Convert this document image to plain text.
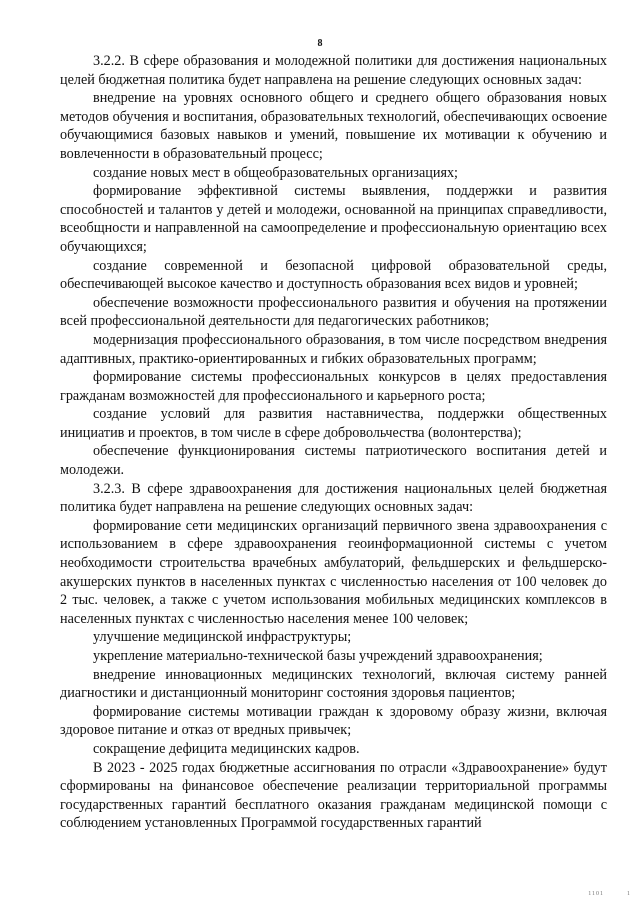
8

3.2.2. В сфере образования и молодежной политики для достижения национальных целей бюджетная политика будет направлена на решение следующих основных задач:

внедрение на уровнях основного общего и среднего общего образования новых методов обучения и воспитания, образовательных технологий, обеспечивающих освоение обучающимися базовых навыков и умений, повышение их мотивации к обучению и вовлеченности в образовательный процесс;

создание новых мест в общеобразовательных организациях;

формирование эффективной системы выявления, поддержки и развития способностей и талантов у детей и молодежи, основанной на принципах справедливости, всеобщности и направленной на самоопределение и профессиональную ориентацию всех обучающихся;

создание современной и безопасной цифровой образовательной среды, обеспечивающей высокое качество и доступность образования всех видов и уровней;

обеспечение возможности профессионального развития и обучения на протяжении всей профессиональной деятельности для педагогических работников;

модернизация профессионального образования, в том числе посредством внедрения адаптивных, практико-ориентированных и гибких образовательных программ;

формирование системы профессиональных конкурсов в целях предоставления гражданам возможностей для профессионального и карьерного роста;

создание условий для развития наставничества, поддержки общественных инициатив и проектов, в том числе в сфере добровольчества (волонтерства);

обеспечение функционирования системы патриотического воспитания детей и молодежи.

3.2.3. В сфере здравоохранения для достижения национальных целей бюджетная политика будет направлена на решение следующих основных задач:

формирование сети медицинских организаций первичного звена здравоохранения с использованием в сфере здравоохранения геоинформационной системы с учетом необходимости строительства врачебных амбулаторий, фельдшерских и фельдшерско-акушерских пунктов в населенных пунктах с численностью населения от 100 человек до 2 тыс. человек, а также с учетом использования мобильных медицинских комплексов в населенных пунктах с численностью населения менее 100 человек;

улучшение медицинской инфраструктуры;

укрепление материально-технической базы учреждений здравоохранения;

внедрение инновационных медицинских технологий, включая систему ранней диагностики и дистанционный мониторинг состояния здоровья пациентов;

формирование системы мотивации граждан к здоровому образу жизни, включая здоровое питание и отказ от вредных привычек;

сокращение дефицита медицинских кадров.

В 2023 - 2025 годах бюджетные ассигнования по отрасли «Здравоохранение» будут сформированы на финансовое обеспечение реализации территориальной программы государственных гарантий бесплатного оказания гражданам медицинской помощи с соблюдением установленных Программой государственных гарантий

1101	1
